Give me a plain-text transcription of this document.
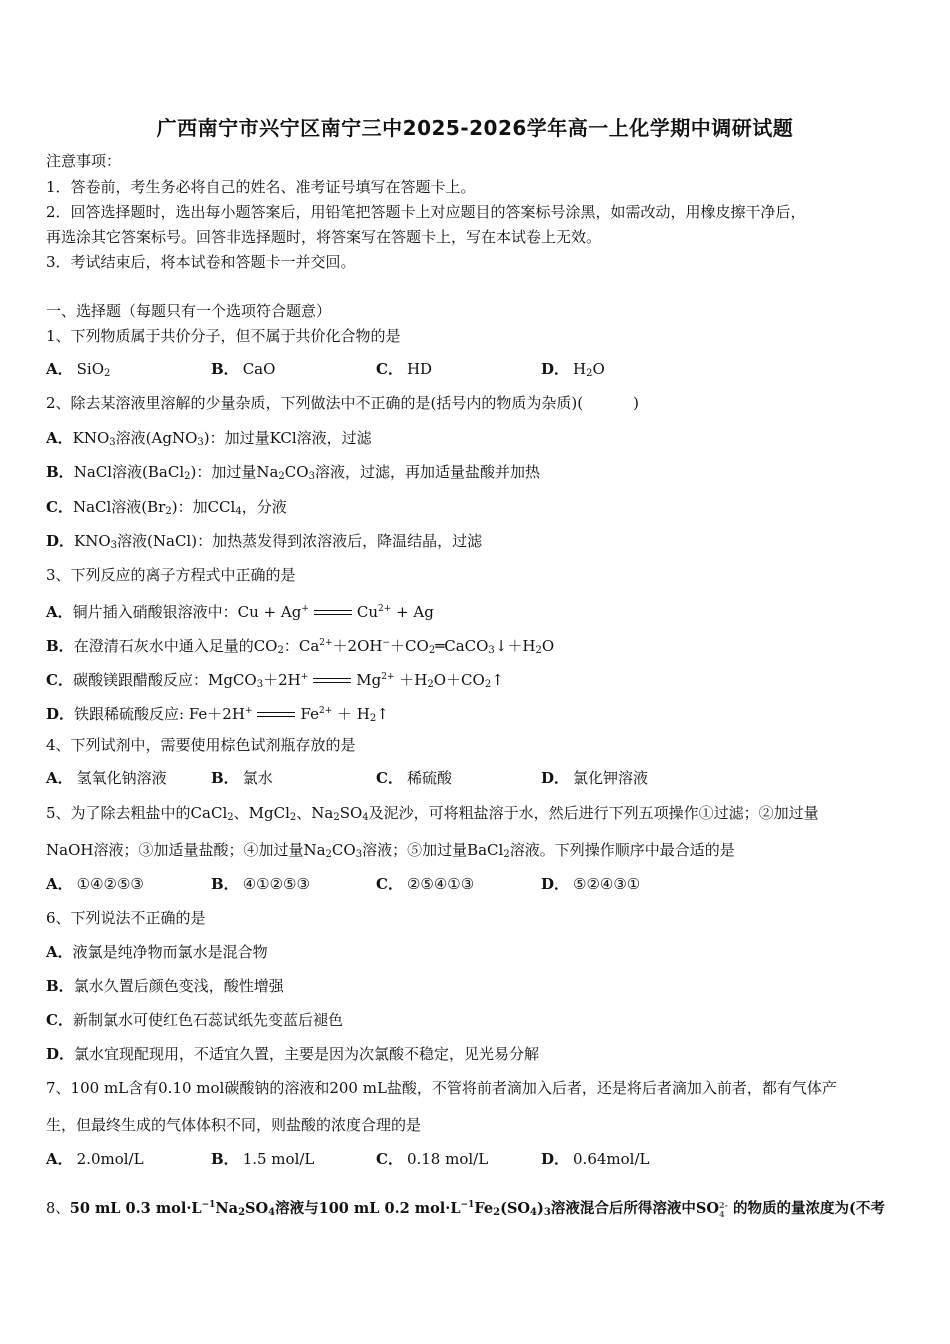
广西南宁市兴宁区南宁三中2025-2026学年高一上化学期中调研试题
注意事项：
1．答卷前，考生务必将自己的姓名、准考证号填写在答题卡上。
2．回答选择题时，选出每小题答案后，用铅笔把答题卡上对应题目的答案标号涂黑，如需改动，用橡皮擦干净后，
再选涂其它答案标号。回答非选择题时，将答案写在答题卡上，写在本试卷上无效。
3．考试结束后，将本试卷和答题卡一并交回。
一、选择题（每题只有一个选项符合题意）
1、下列物质属于共价分子，但不属于共价化合物的是
A． SiO$_2$	B． CaO	C． HD	D． $H_2O$
2、除去某溶液里溶解的少量杂质，下列做法中不正确的是(括号内的物质为杂质)(	)
A．$KNO_3$溶液(AgNO$_3$)：加过量KCl溶液，过滤
B．NaCl溶液(BaCl$_2$)：加过量$Na_2CO_3$溶液，过滤，再加适量盐酸并加热
C．NaCl溶液$(Br_2)$：加CCl$_4$，分液
D．$KNO_3$溶液(NaCl)：加热蒸发得到浓溶液后，降温结晶，过滤
3、下列反应的离子方程式中正确的是
A．铜片插入硝酸银溶液中：Cu + Ag+	$Cu^{2+} + Ag$
B．在澄清石灰水中通入足量的$CO_2$：$Ca^{2+}+2OH^-+CO_2═CaCO_3↓+H_2O$
C．碳酸镁跟醋酸反应：MgCO$_3$＋2H+	$Mg^{2+}$ $+H_2O+CO_2↑$
D．铁跟稀硫酸反应: Fe＋2H+	$Fe^{2+}$ ＋ $H_2↑$
4、下列试剂中，需要使用棕色试剂瓶存放的是
A． 氢氧化钠溶液	B． 氯水	C． 稀硫酸	D． 氯化钾溶液
5、为了除去粗盐中的CaCl$_2$、MgCl$_2$、$Na_2SO_4$及泥沙，可将粗盐溶于水，然后进行下列五项操作①过滤；②加过量
NaOH溶液；③加适量盐酸；④加过量$Na_2CO_3$溶液；⑤加过量BaCl$_2$溶液。下列操作顺序中最合适的是
A． ①④②⑤③	B． ④①②⑤③	C． ②⑤④①③	D． ⑤②④③①
6、下列说法不正确的是
A．液氯是纯净物而氯水是混合物
B．氯水久置后颜色变浅，酸性增强
C．新制氯水可使红色石蕊试纸先变蓝后褪色
D．氯水宜现配现用，不适宜久置，主要是因为次氯酸不稳定，见光易分解
7、100 mL含有0.10 mol碳酸钠的溶液和200 mL盐酸，不管将前者滴加入后者，还是将后者滴加入前者，都有气体产
生，但最终生成的气体体积不同，则盐酸的浓度合理的是
A． 2.0mol/L	B． 1.5 mol/L	C． 0.18 mol/L	D． 0.64mol/L
8、50 mL 0.3 $mol\cdot L^{-1}Na_2SO_4$溶液与100 mL 0.2 $mol\cdot L^{-1}Fe_2(SO_4)_3$溶液混合后所得溶液中SO 2-
4 的物质的量浓度为(不考
